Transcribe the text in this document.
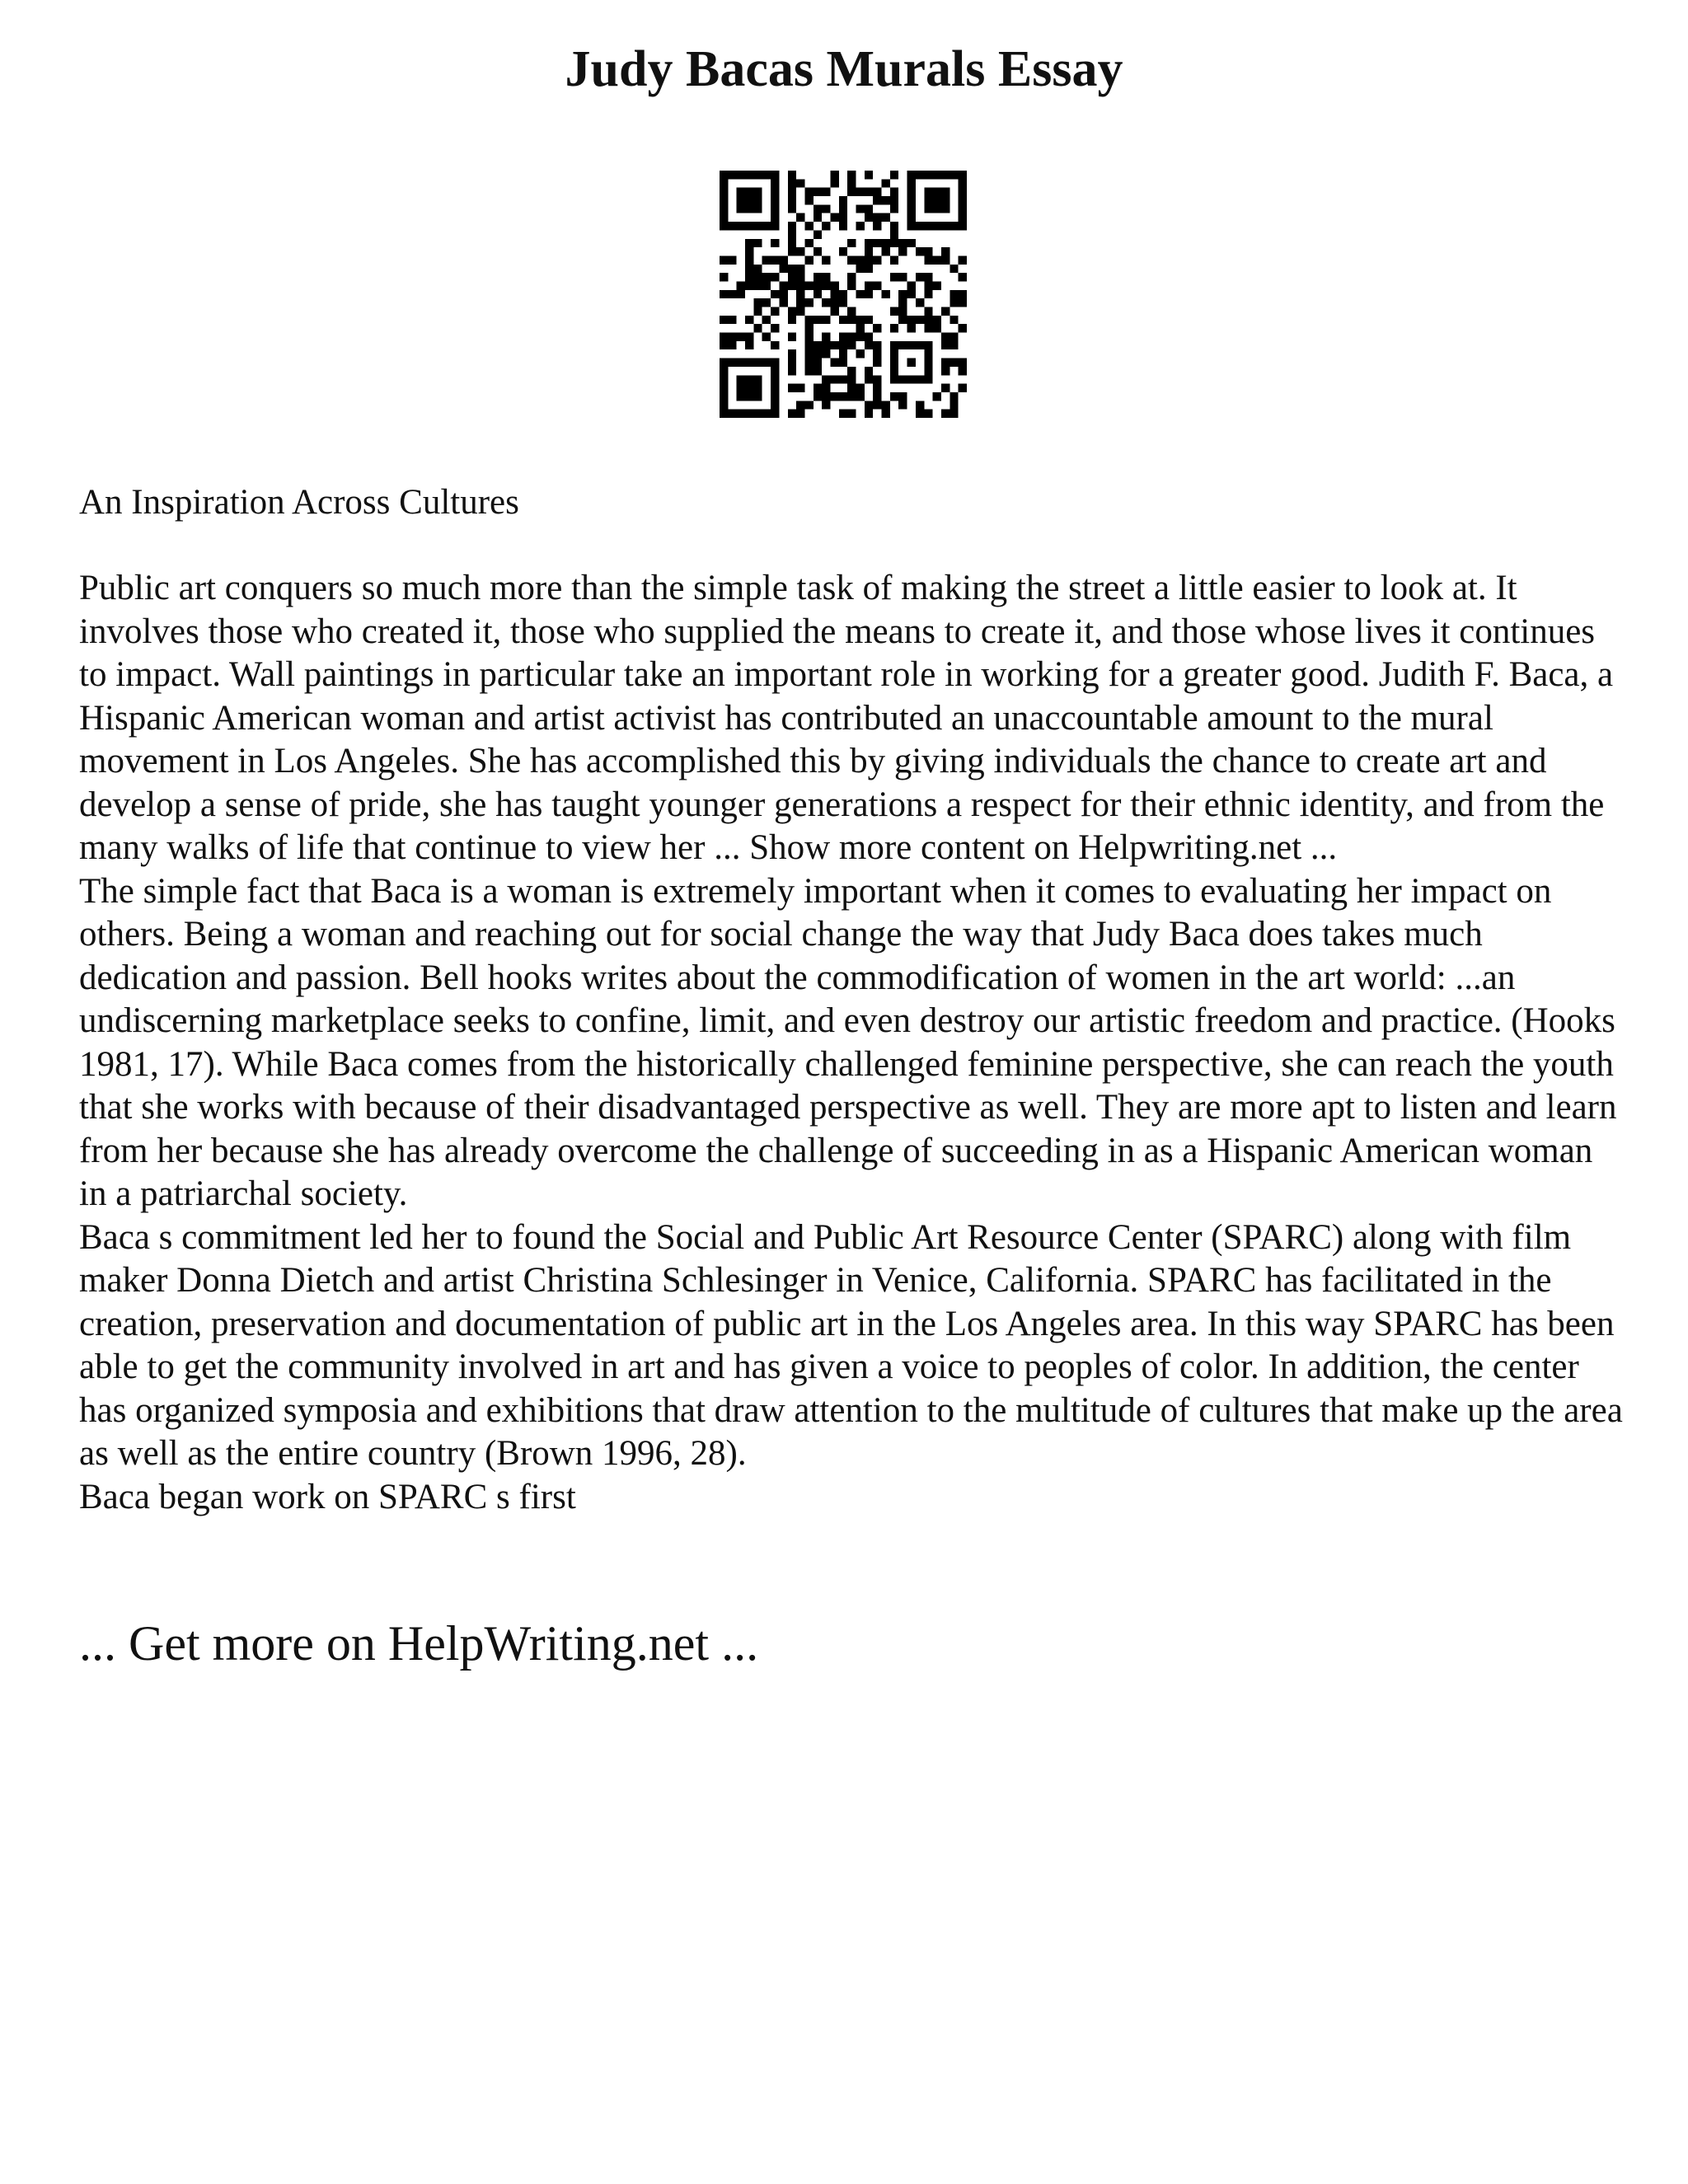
Judy Bacas Murals Essay

An Inspiration Across Cultures

Public art conquers so much more than the simple task of making the street a little easier to look at. It involves those who created it, those who supplied the means to create it, and those whose lives it continues to impact. Wall paintings in particular take an important role in working for a greater good. Judith F. Baca, a Hispanic American woman and artist activist has contributed an unaccountable amount to the mural movement in Los Angeles. She has accomplished this by giving individuals the chance to create art and develop a sense of pride, she has taught younger generations a respect for their ethnic identity, and from the many walks of life that continue to view her ... Show more content on Helpwriting.net ...

The simple fact that Baca is a woman is extremely important when it comes to evaluating her impact on others. Being a woman and reaching out for social change the way that Judy Baca does takes much dedication and passion. Bell hooks writes about the commodification of women in the art world: ...an undiscerning marketplace seeks to confine, limit, and even destroy our artistic freedom and practice. (Hooks 1981, 17). While Baca comes from the historically challenged feminine perspective, she can reach the youth that she works with because of their disadvantaged perspective as well. They are more apt to listen and learn from her because she has already overcome the challenge of succeeding in as a Hispanic American woman in a patriarchal society.

Baca s commitment led her to found the Social and Public Art Resource Center (SPARC) along with film maker Donna Dietch and artist Christina Schlesinger in Venice, California. SPARC has facilitated in the creation, preservation and documentation of public art in the Los Angeles area. In this way SPARC has been able to get the community involved in art and has given a voice to peoples of color. In addition, the center has organized symposia and exhibitions that draw attention to the multitude of cultures that make up the area as well as the entire country (Brown 1996, 28).

Baca began work on SPARC s first

... Get more on HelpWriting.net ...
